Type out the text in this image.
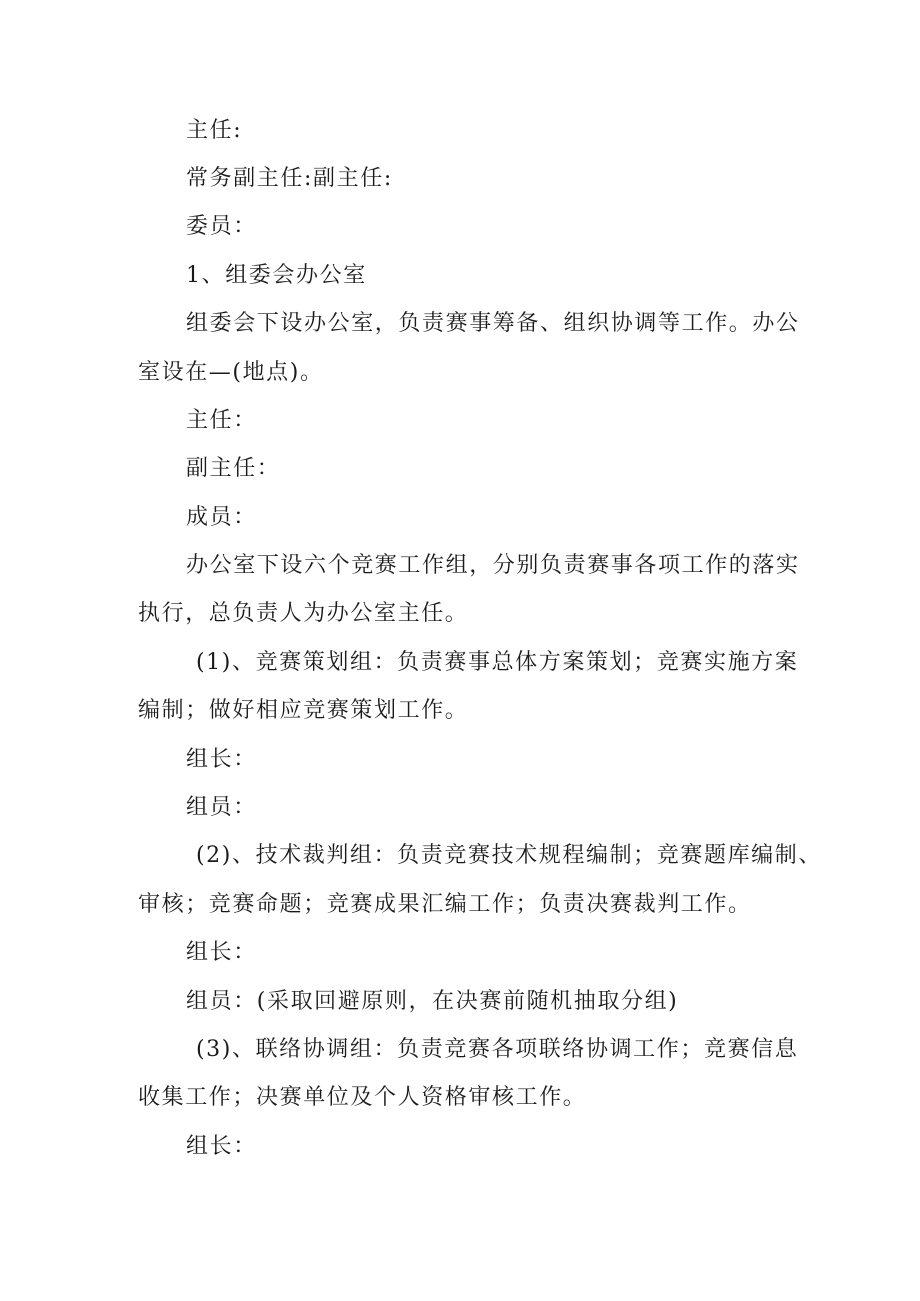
主任:
常务副主任:副主任:
委员：
1、组委会办公室
组委会下设办公室，负责赛事筹备、组织协调等工作。办公
室设在—(地点)。
主任：
副主任：
成员：
办公室下设六个竞赛工作组，分别负责赛事各项工作的落实
执行，总负责人为办公室主任。
(1)、竞赛策划组：负责赛事总体方案策划；竞赛实施方案
编制；做好相应竞赛策划工作。
组长：
组员：
(2)、技术裁判组：负责竞赛技术规程编制；竞赛题库编制、
审核；竞赛命题；竞赛成果汇编工作；负责决赛裁判工作。
组长：
组员：(采取回避原则，在决赛前随机抽取分组)
(3)、联络协调组：负责竞赛各项联络协调工作；竞赛信息
收集工作；决赛单位及个人资格审核工作。
组长：
